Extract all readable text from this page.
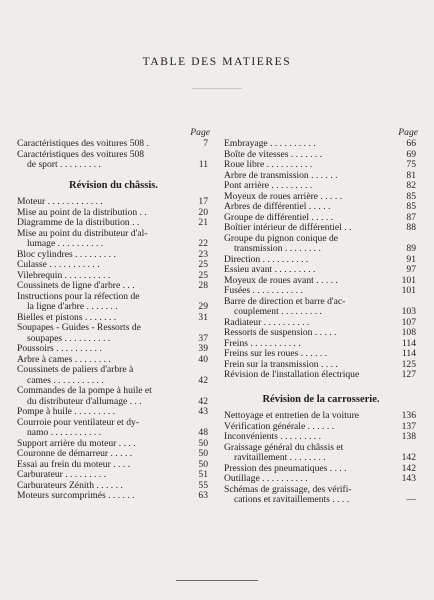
TABLE DES MATIERES
Page
Caractéristiques des voitures 508 .	7
Caractéristiques des voitures 508
de sport . . . . . . . . .	11
Révision du châssis.
Moteur . . . . . . . . . . . .	17
Mise au point de la distribution . .	20
Diagramme de la distribution . .	21
Mise au point du distributeur d'al-
lumage . . . . . . . . . .	22
Bloc cylindres . . . . . . . . .	23
Culasse . . . . . . . . . . .	25
Vilebrequin . . . . . . . . . .	25
Coussinets de ligne d'arbre . . .	28
Instructions pour la réfection de
la ligne d'arbre . . . . . . .	29
Bielles et pistons . . . . . . .	31
Soupapes - Guides - Ressorts de
soupapes . . . . . . . . . .	37
Poussoirs . . . . . . . . . .	39
Arbre à cames . . . . . . . .	40
Coussinets de paliers d'arbre à
cames . . . . . . . . . . .	42
Commandes de la pompe à huile et
du distributeur d'allumage . . .	42
Pompe à huile . . . . . . . . .	43
Courroie pour ventilateur et dy-
namo . . . . . . . . . . .	48
Support arrière du moteur . . . .	50
Couronne de démarreur . . . . .	50
Essai au frein du moteur . . . .	50
Carburateur . . . . . . . . .	51
Carburateurs Zénith . . . . . .	55
Moteurs surcomprimés . . . . . .	63
Page
Embrayage . . . . . . . . . .	66
Boîte de vitesses . . . . . . .	69
Roue libre . . . . . . . . . .	75
Arbre de transmission . . . . . .	81
Pont arrière . . . . . . . . .	82
Moyeux de roues arrière . . . . .	85
Arbres de différentiel . . . . .	85
Groupe de différentiel . . . . .	87
Boîtier intérieur de différentiel . .	88
Groupe du pignon conique de
transmission . . . . . . . .	89
Direction . . . . . . . . . .	91
Essieu avant . . . . . . . . .	97
Moyeux de roues avant . . . . .	101
Fusées . . . . . . . . . . .	101
Barre de direction et barre d'ac-
couplement . . . . . . . . .	103
Radiateur . . . . . . . . . .	107
Ressorts de suspension . . . . .	108
Freins . . . . . . . . . . .	114
Freins sur les roues . . . . . .	114
Frein sur la transmission . . . .	125
Révision de l'installation électrique	127
Révision de la carrosserie.
Nettoyage et entretien de la voiture	136
Vérification générale . . . . . .	137
Inconvénients . . . . . . . . .	138
Graissage général du châssis et
ravitaillement . . . . . . . .	142
Pression des pneumatiques . . . .	142
Outillage . . . . . . . . . .	143
Schémas de graissage, des vérifi-
cations et ravitaillements . . . .	—
